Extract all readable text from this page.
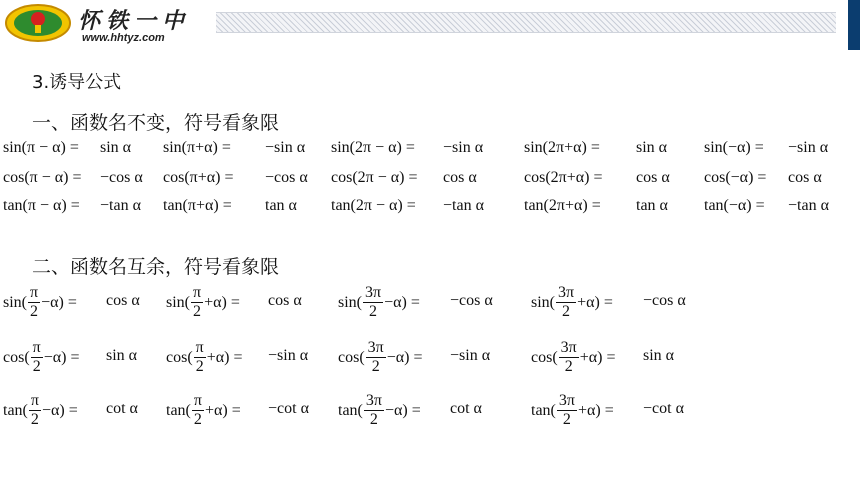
怀铁一中
www.hhtyz.com
3.诱导公式
一、函数名不变，符号看象限
二、函数名互余，符号看象限
sin(π − α) = sin α sin(π+α) = −sin α sin(2π − α) = −sin α	sin(2π+α) = sin α sin(−α) = −sin α
cos(π − α) = −cos α cos(π+α) = −cos α cos(2π − α) = cos α	cos(2π+α) = cos α cos(−α) = cos α
tan(π − α) = −tan α tan(π+α) = tan α tan(2π − α) = −tan α	tan(2π+α) = tan α tan(−α) = −tan α
$\sin( \frac{\pi}{2} -\alpha) = \cos \alpha$ $\sin( \frac{\pi}{2} +\alpha) = \cos \alpha$ $\sin( \frac{3\pi}{2} -\alpha) = -\cos$ α $\sin( \frac{3\pi}{2} +\alpha) = -\cos$ α
$\cos( \frac{\pi}{2} -\alpha) = \sin \alpha$ $\cos( \frac{\pi}{2} +\alpha) = -\sin$ α $\cos( \frac{3\pi}{2} -\alpha) = -\sin$ α	$\cos( \frac{3\pi}{2} +\alpha) = \sin \alpha$
$\tan( \frac{\pi}{2} -\alpha) = \cot \alpha$ $\tan( \frac{\pi}{2} +\alpha) = -\cot$ α $\tan( \frac{3\pi}{2} -\alpha) = \cot \alpha$	$\tan( \frac{3\pi}{2} +\alpha) = -\cot$ α
